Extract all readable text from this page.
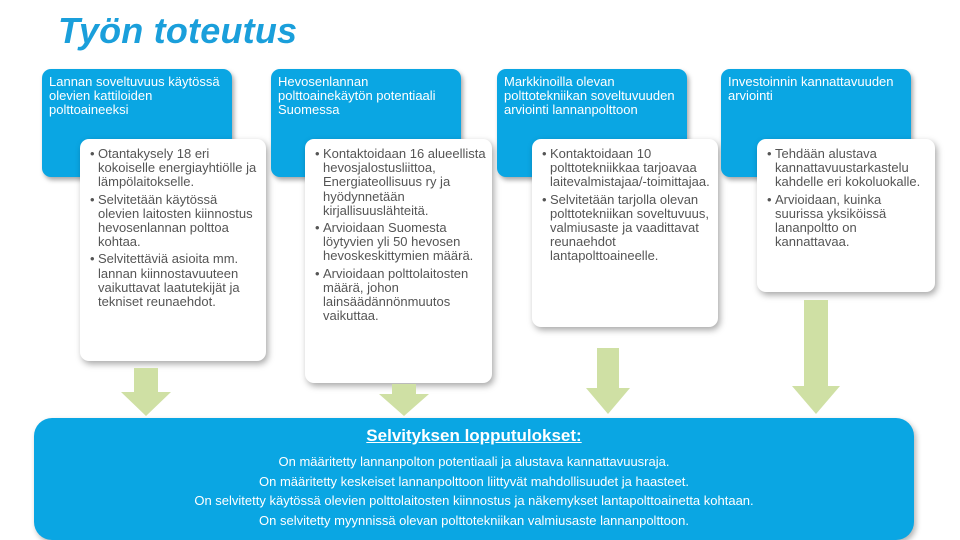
Työn toteutus
Lannan soveltuvuus käytössä olevien kattiloiden polttoaineeksi
• Otantakysely 18 eri kokoiselle energiayhtiölle ja lämpölaitokselle.
• Selvitetään käytössä olevien laitosten kiinnostus hevosenlannan polttoa kohtaa.
• Selvitettäviä asioita mm. lannan kiinnostavuuteen vaikuttavat laatutekijät ja tekniset reunaehdot.
Hevosenlannan polttoainekäytön potentiaali Suomessa
• Kontaktoidaan 16 alueellista hevosjalostusliittoa, Energiateollisuus ry ja hyödynnetään kirjallisuuslähteitä.
• Arvioidaan Suomesta löytyvien yli 50 hevosen hevoskeskittymien määrä.
• Arvioidaan polttolaitosten määrä, johon lainsäädännönmuutos vaikuttaa.
Markkinoilla olevan polttotekniikan soveltuvuuden arviointi lannanpolttoon
• Kontaktoidaan 10 polttotekniikkaa tarjoavaa laitevalmistajaa/-toimittajaa.
• Selvitetään tarjolla olevan polttotekniikan soveltuvuus, valmiusaste ja vaadittavat reunaehdot lantapolttoaineelle.
Investoinnin kannattavuuden arviointi
• Tehdään alustava kannattavuustarkastelu kahdelle eri kokoluokalle.
• Arvioidaan, kuinka suurissa yksiköissä lananpoltto on kannattavaa.
Selvityksen lopputulokset:
On määritetty lannanpolton potentiaali ja alustava kannattavuusraja.
On määritetty keskeiset lannanpolttoon liittyvät mahdollisuudet ja haasteet.
On selvitetty käytössä olevien polttolaitosten kiinnostus ja näkemykset lantapolttoainetta kohtaan.
On selvitetty myynnissä olevan polttotekniikan valmiusaste lannanpolttoon.
